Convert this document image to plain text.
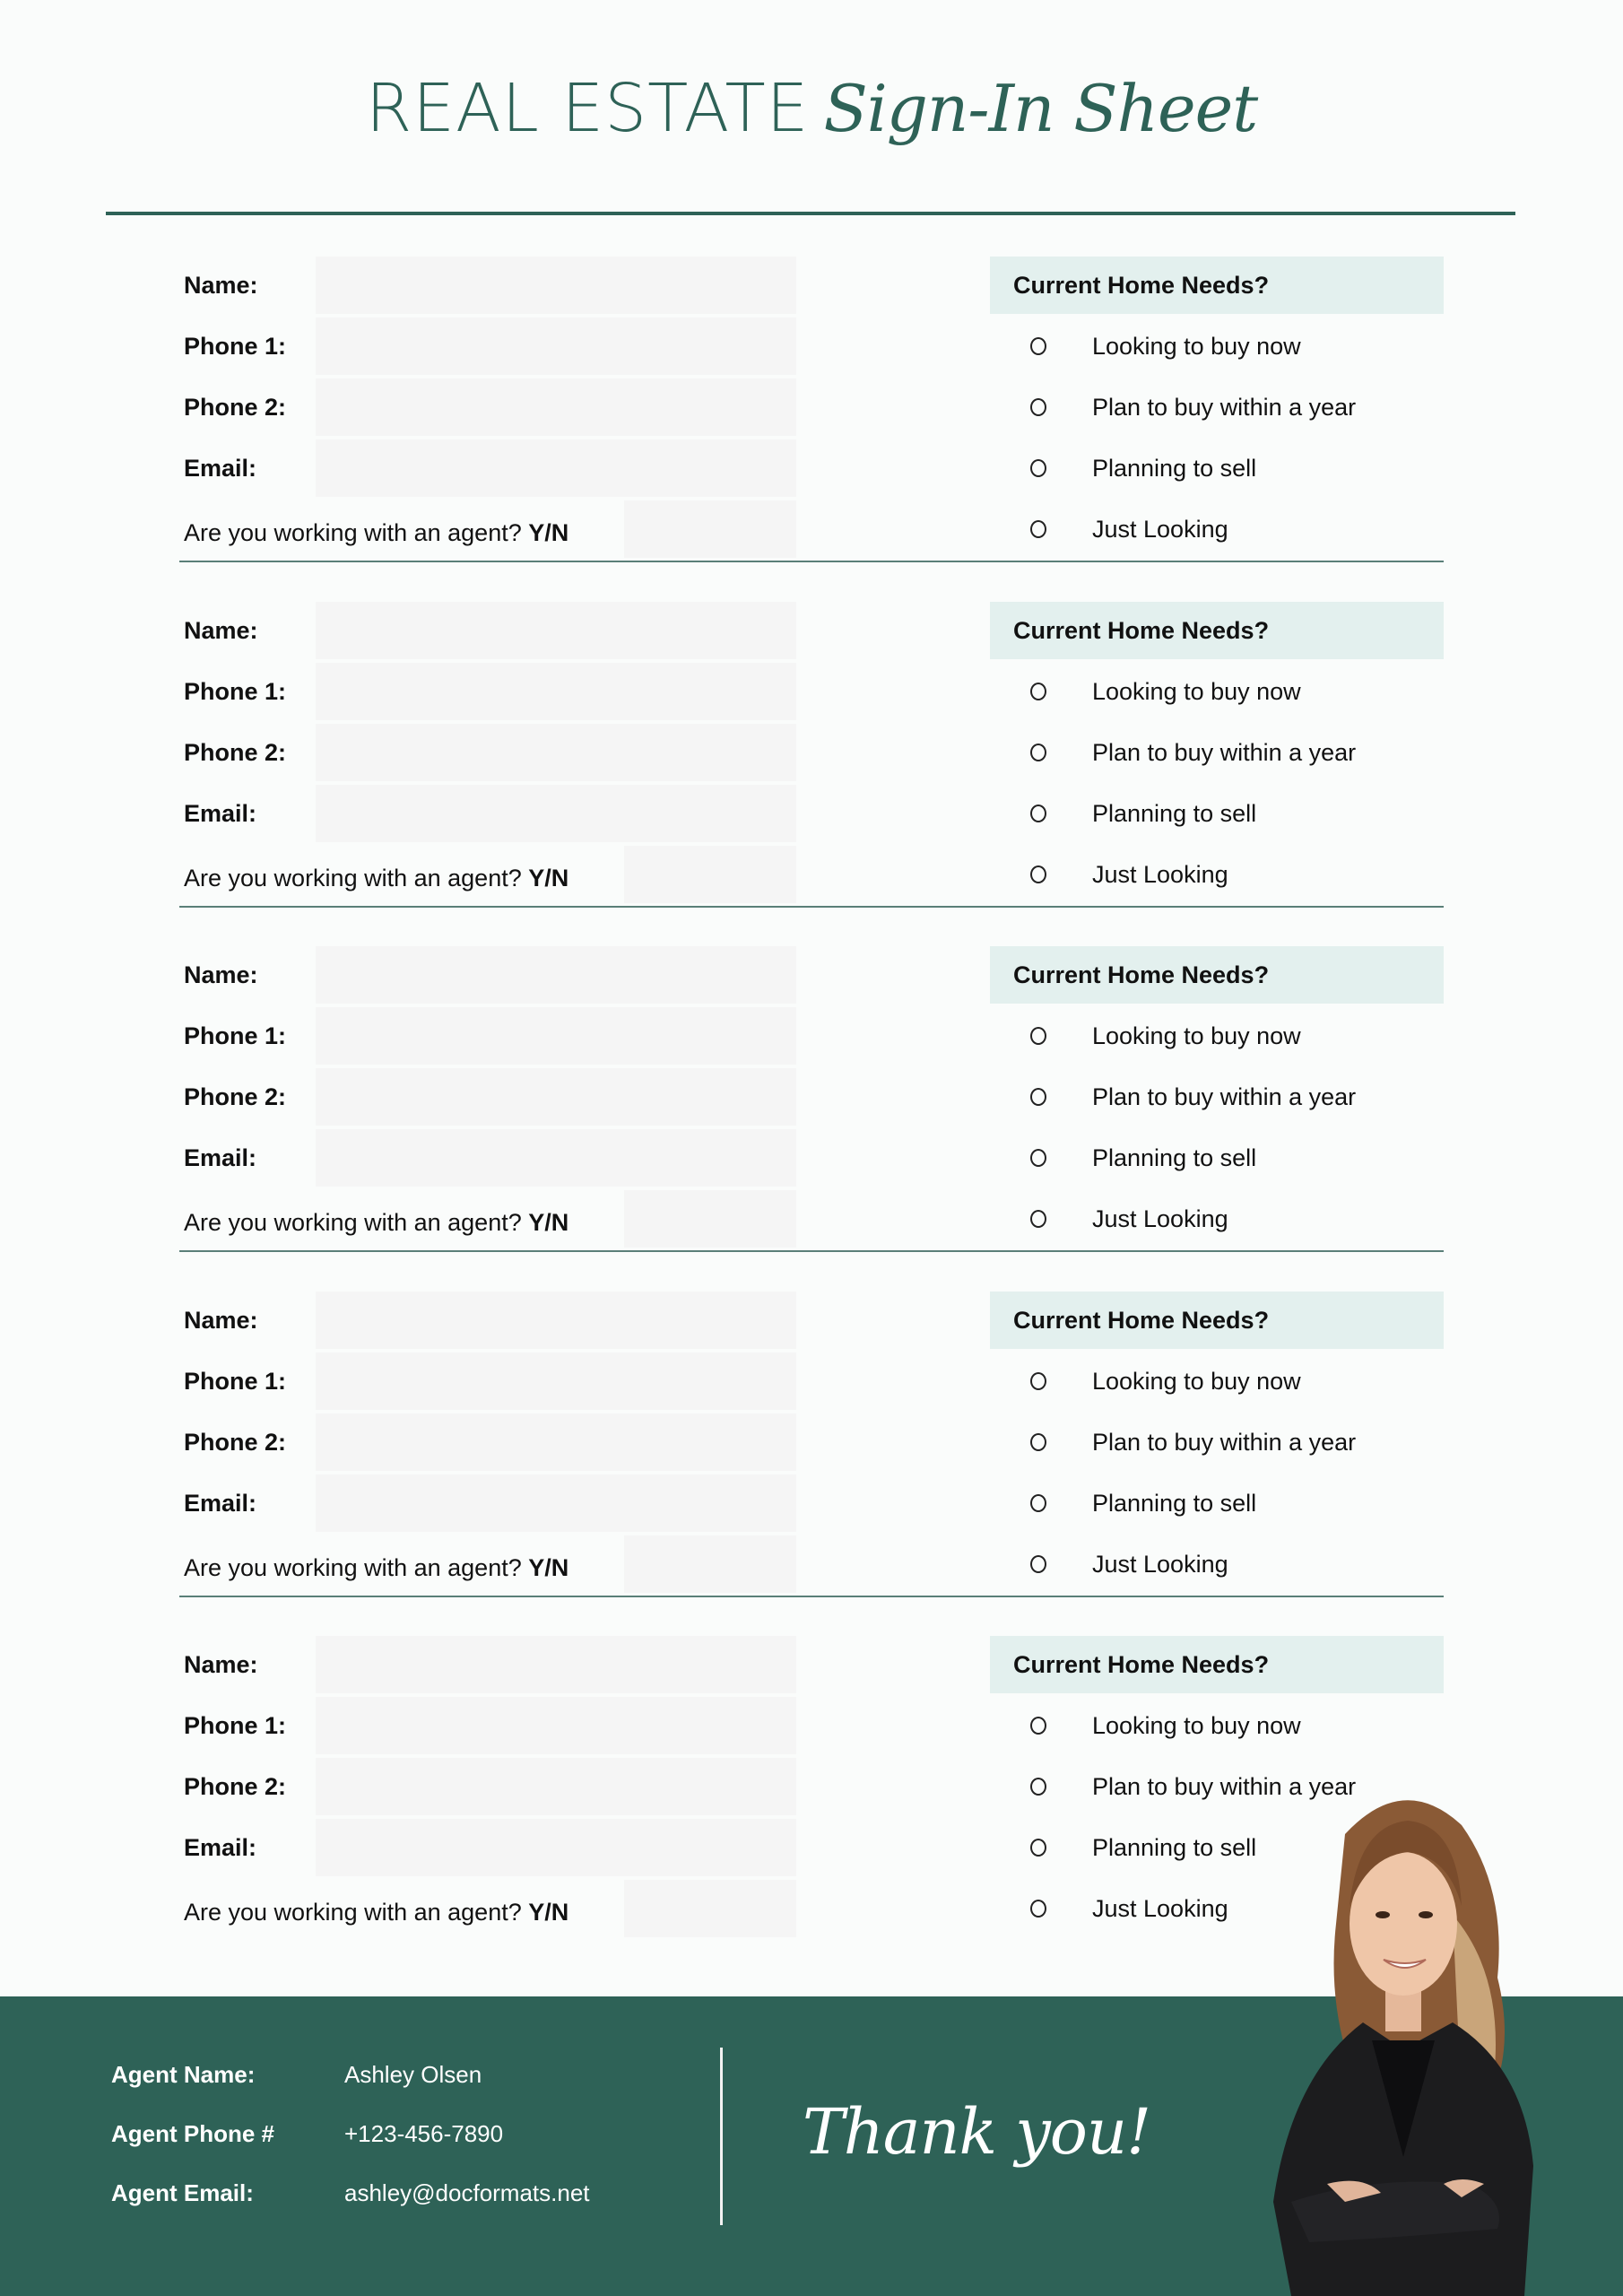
REAL ESTATE Sign-In Sheet
Name:
Phone 1:
Phone 2:
Email:
Are you working with an agent? Y/N
Current Home Needs?
Looking to buy now
Plan to buy within a year
Planning to sell
Just Looking
Name:
Phone 1:
Phone 2:
Email:
Are you working with an agent? Y/N
Current Home Needs?
Looking to buy now
Plan to buy within a year
Planning to sell
Just Looking
Name:
Phone 1:
Phone 2:
Email:
Are you working with an agent? Y/N
Current Home Needs?
Looking to buy now
Plan to buy within a year
Planning to sell
Just Looking
Name:
Phone 1:
Phone 2:
Email:
Are you working with an agent? Y/N
Current Home Needs?
Looking to buy now
Plan to buy within a year
Planning to sell
Just Looking
Name:
Phone 1:
Phone 2:
Email:
Are you working with an agent? Y/N
Current Home Needs?
Looking to buy now
Plan to buy within a year
Planning to sell
Just Looking
Agent Name:	Ashley Olsen
Agent Phone #	+123-456-7890
Agent Email:	ashley@docformats.net
Thank you!
